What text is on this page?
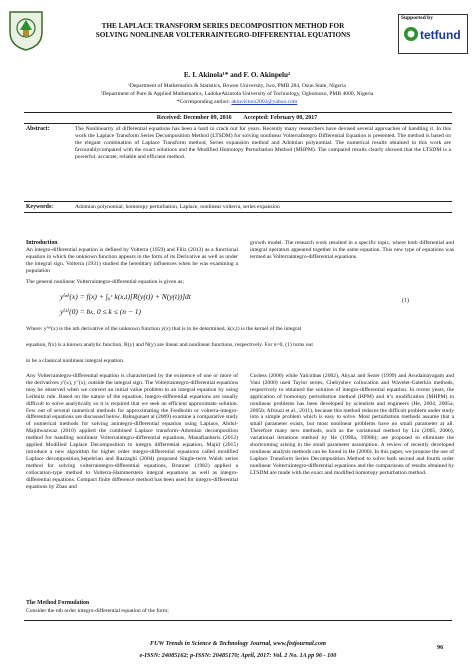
THE LAPLACE TRANSFORM SERIES DECOMPOSITION METHOD FOR
SOLVING NONLINEAR VOLTERRAINTEGRO-DIFFERENTIAL EQUATIONS
Supported by
tetfund
E. I. Akinola¹* and F. O. Akinpelu²
¹Department of Mathematics & Statistics, Bowen University, Iwo, PMB 284, Osun State, Nigeria
²Department of Pure & Applied Mathematics, LadokeAkintola University of Technology, Ogbomoso, PMB 4000, Nigeria
*Corresponding author: akinvictors2003@yahoo.com
Received: December 09, 2016        Accepted: February 08, 2017
Abstract:	The Nonlinearity of differential equations has been a hard to crack nut for years. Recently many researchers have devised several approaches of handling it. In this work the Laplace Transform Series Decomposition Method (LTSDM) for solving nonlinear VolterraIntegro Differential Equation is presented. The method is based on the elegant combination of Laplace Transform method, Series expansion method and Adomian polynomial. The numerical results obtained in this work are favourablycompared with the exact solutions and the Modified Homotopy Perturbation Method (MHPM). The compared results clearly showed that the LTSDM is a powerful, accurate, reliable and efficient method.
Keywords:	Adomian polynomial, homotopy perturbation, Laplace, nonlinear volterra, series expansion
Introduction
An integro-differential equation is defined by Volterra (1959) and Filiz (2013) as a functional equation in which the unknown function appears in the form of its Derivative as well as under the integral sign. Volterra (1931) studied the hereditary influences when he was examining a population
growth model. The research work resulted in a specific topic, where both differential and integral operators appeared together in the same equation. This new type of equations was termed as Volterraintegro-differential equations.
The general nonlinear Volterraintegro-differential equation is given as;
y⁽ⁿ⁾(x) = f(x) + ∫₀ˣ k(x,t)[R(y(t)) + N(y(t))]dt
y⁽ᵏ⁾(0) = bₖ, 0 ≤ k ≤ (n − 1)
(1)
Where: y⁽ⁿ⁾(x) is the nth derivative of the unknown function y(x) that is to be determined, k(x,t) is the kernel of the integral
equation, f(x) is a known analytic function, R(y) and N(y) are linear and nonlinear functions, respectively. For n=0, (1) turns out
to be a classical nonlinear integral equation.
Any Volterraintegro-differential equation is characterized by the existence of one or more of the derivatives y′(x), y″(x), outside the integral sign. The Volterraintegro-differential equations may be observed when we convert an initial value problem to an integral equation by using Leibnitz rule. Based on the nature of the equation, Integro-differential equations are usually difficult to solve analytically so it is required that we seek an efficient approximate solution. Few out of several numerical methods for approximating the Fredholm or volterra-integro-differential equations are discussed below. Bahugunaet al (2009) examine a comparative study of numerical methods for solving anintegro-differential equation using Laplace, Abdul-Majidwazwaz (2010) applied the combined Laplace transform–Adomian decomposition method for handling nonlinear Volterraintegro-differential equations, Manafianheris (2012) applied Modified Laplace Decomposition to integro differential equation, Majid (2015) introduce a new algorithm for higher order integro-differential equations called modified Laplace decomposition,Sepehrian and Razzaghi (2004) proposed Single-term Walsh series method for solving volterraintegro-differential equations, Brunner (1982) applied a collocation-type method to Volterra-Hammerstein integral equations as well as integro-differential equations. Compact finite difference method has been used for integro-differential equations by Zhao and
The Method Formulation
Consider the nth order integro-differential equation of the form;
Corless (2006) while Yalcinbas (2002), Akyaz and Sezer (1999) and Avudainayagam and Vani (2000) used Taylor series, Chebyshev collocation and Wavelet-Galerkin methods, respectively to obtained the solution of integro-differential equation. In recent years, the application of homotopy perturbation method (HPM) and it’s modification (MHPM) in nonlinear problems has been developed by scientists and engineers (He, 2004, 2005a, 2005b; Afrouzi et al., 2011), because this method reduces the difficult problem under study into a simple problem which is easy to solve. Most perturbation methods assume that a small parameter exists, but most nonlinear problems have no small parameter at all. Therefore many new methods, such as the variational method by Liu (2005, 2006), variational iterations method by He (1998a, 1998b); are proposed to eliminate the shortcoming arising in the small parameter assumption. A review of recently developed nonlinear analysis methods can be found in He (2000). In this paper, we propose the use of Laplace Transform Series Decomposition Method to solve both second and fourth order nonlinear Volterraintegro-differential equations and the comparisons of results obtained by LTSDM are made with the exact and modified homotopy perturbation method.
FUW Trends in Science & Technology Journal, www.ftstjournal.com
e-ISSN: 24085162; p-ISSN: 20485170; April, 2017: Vol. 2 No. 1A pp 96 - 100
96
